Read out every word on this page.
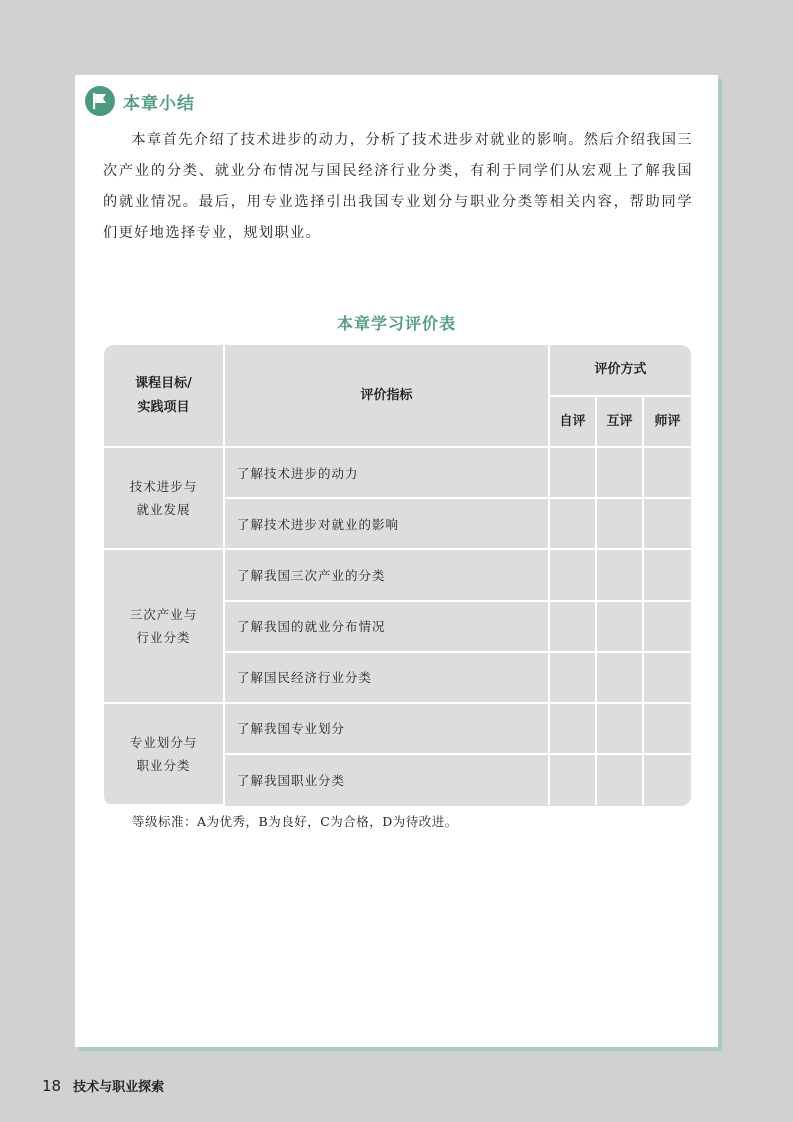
本章小结

本章首先介绍了技术进步的动力，分析了技术进步对就业的影响。然后介绍我国三次产业的分类、就业分布情况与国民经济行业分类，有利于同学们从宏观上了解我国的就业情况。最后，用专业选择引出我国专业划分与职业分类等相关内容，帮助同学们更好地选择专业，规划职业。

本章学习评价表
课程目标/
实践项目	评价指标	评价方式		
		自评	互评	师评

技术进步与
就业发展	了解技术进步的动力			
	了解技术进步对就业的影响			

三次产业与
行业分类	了解我国三次产业的分类			
	了解我国的就业分布情况			
	了解国民经济行业分类			

专业划分与
职业分类	了解我国专业划分			
	了解我国职业分类			
等级标准：A为优秀，B为良好，C为合格，D为待改进。
18 技术与职业探索
